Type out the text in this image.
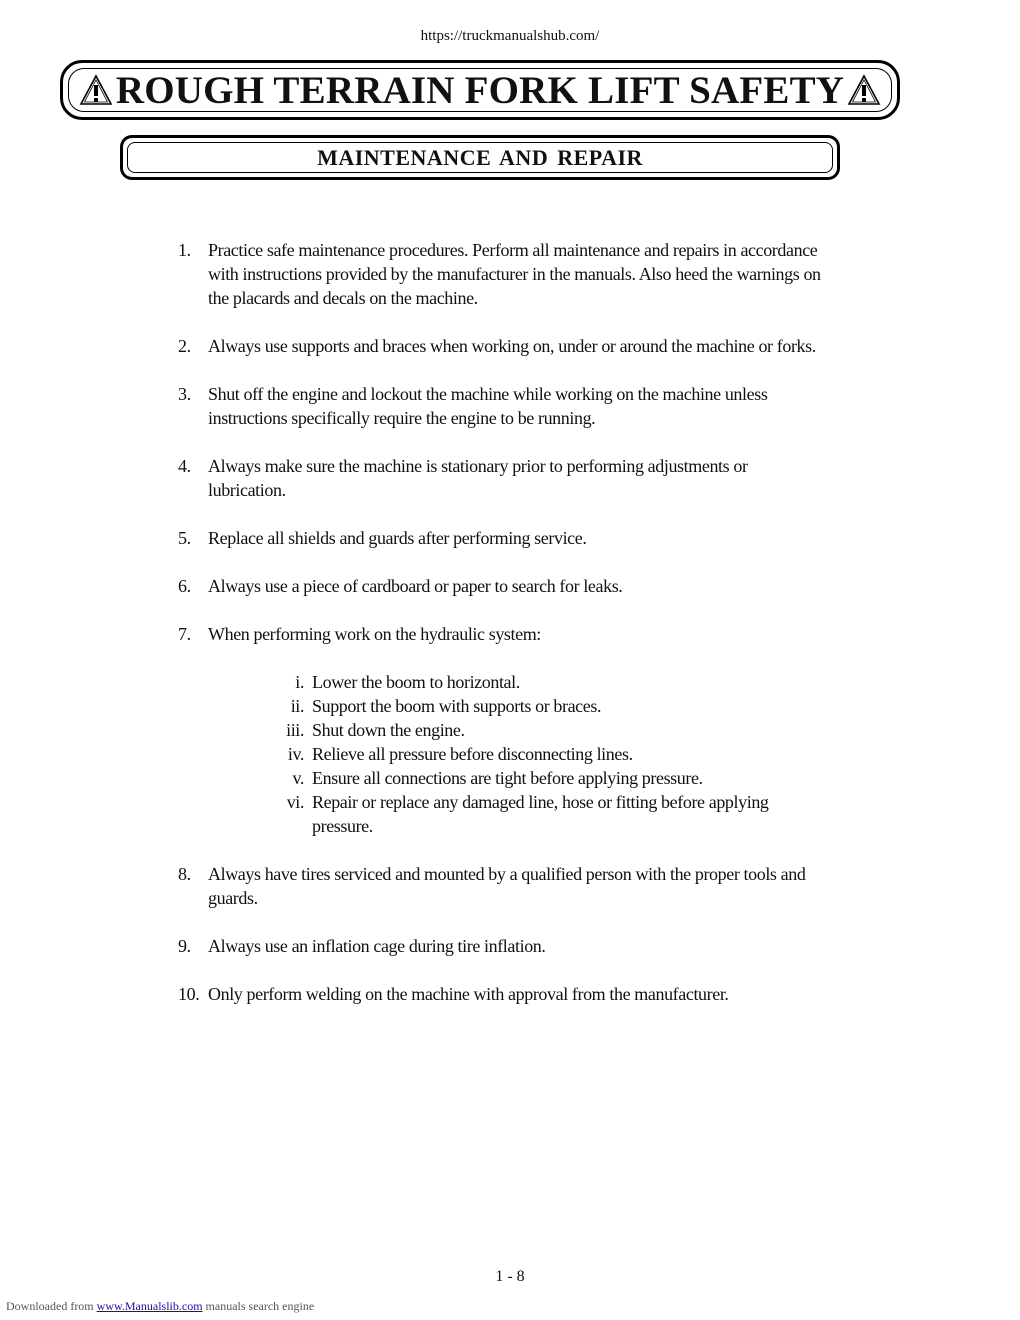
https://truckmanualshub.com/
ROUGH TERRAIN FORK LIFT SAFETY
MAINTENANCE AND REPAIR
1. Practice safe maintenance procedures. Perform all maintenance and repairs in accordance with instructions provided by the manufacturer in the manuals. Also heed the warnings on the placards and decals on the machine.
2. Always use supports and braces when working on, under or around the machine or forks.
3. Shut off the engine and lockout the machine while working on the machine unless instructions specifically require the engine to be running.
4. Always make sure the machine is stationary prior to performing adjustments or lubrication.
5. Replace all shields and guards after performing service.
6. Always use a piece of cardboard or paper to search for leaks.
7. When performing work on the hydraulic system:
i. Lower the boom to horizontal.
ii. Support the boom with supports or braces.
iii. Shut down the engine.
iv. Relieve all pressure before disconnecting lines.
v. Ensure all connections are tight before applying pressure.
vi. Repair or replace any damaged line, hose or fitting before applying pressure.
8. Always have tires serviced and mounted by a qualified person with the proper tools and guards.
9. Always use an inflation cage during tire inflation.
10. Only perform welding on the machine with approval from the manufacturer.
1 - 8
Downloaded from www.Manualslib.com manuals search engine
